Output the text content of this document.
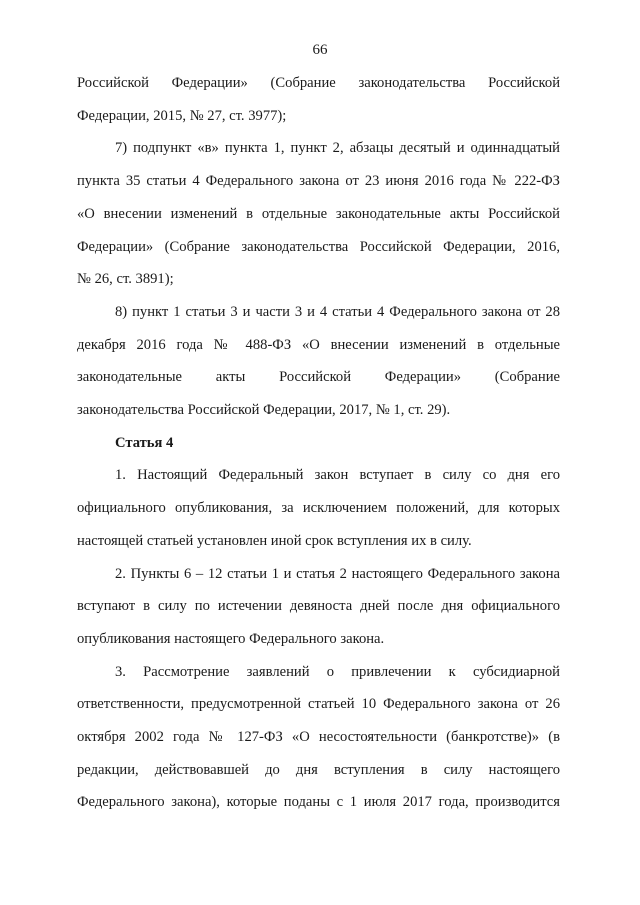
66

Российской Федерации» (Собрание законодательства Российской
Федерации, 2015, № 27, ст. 3977);

7) подпункт «в» пункта 1, пункт 2, абзацы десятый и одиннадцатый
пункта 35 статьи 4 Федерального закона от 23 июня 2016 года № 222-ФЗ
«О внесении изменений в отдельные законодательные акты Российской
Федерации» (Собрание законодательства Российской Федерации, 2016,
№ 26, ст. 3891);

8) пункт 1 статьи 3 и части 3 и 4 статьи 4 Федерального закона от 28
декабря 2016 года № 488-ФЗ «О внесении изменений в отдельные
законодательные акты Российской Федерации» (Собрание
законодательства Российской Федерации, 2017, № 1, ст. 29).

Статья 4

1. Настоящий Федеральный закон вступает в силу со дня его
официального опубликования, за исключением положений, для которых
настоящей статьей установлен иной срок вступления их в силу.

2. Пункты 6 – 12 статьи 1 и статья 2 настоящего Федерального закона
вступают в силу по истечении девяноста дней после дня официального
опубликования настоящего Федерального закона.

3. Рассмотрение заявлений о привлечении к субсидиарной
ответственности, предусмотренной статьей 10 Федерального закона от 26
октября 2002 года № 127-ФЗ «О несостоятельности (банкротстве)» (в
редакции, действовавшей до дня вступления в силу настоящего
Федерального закона), которые поданы с 1 июля 2017 года, производится
